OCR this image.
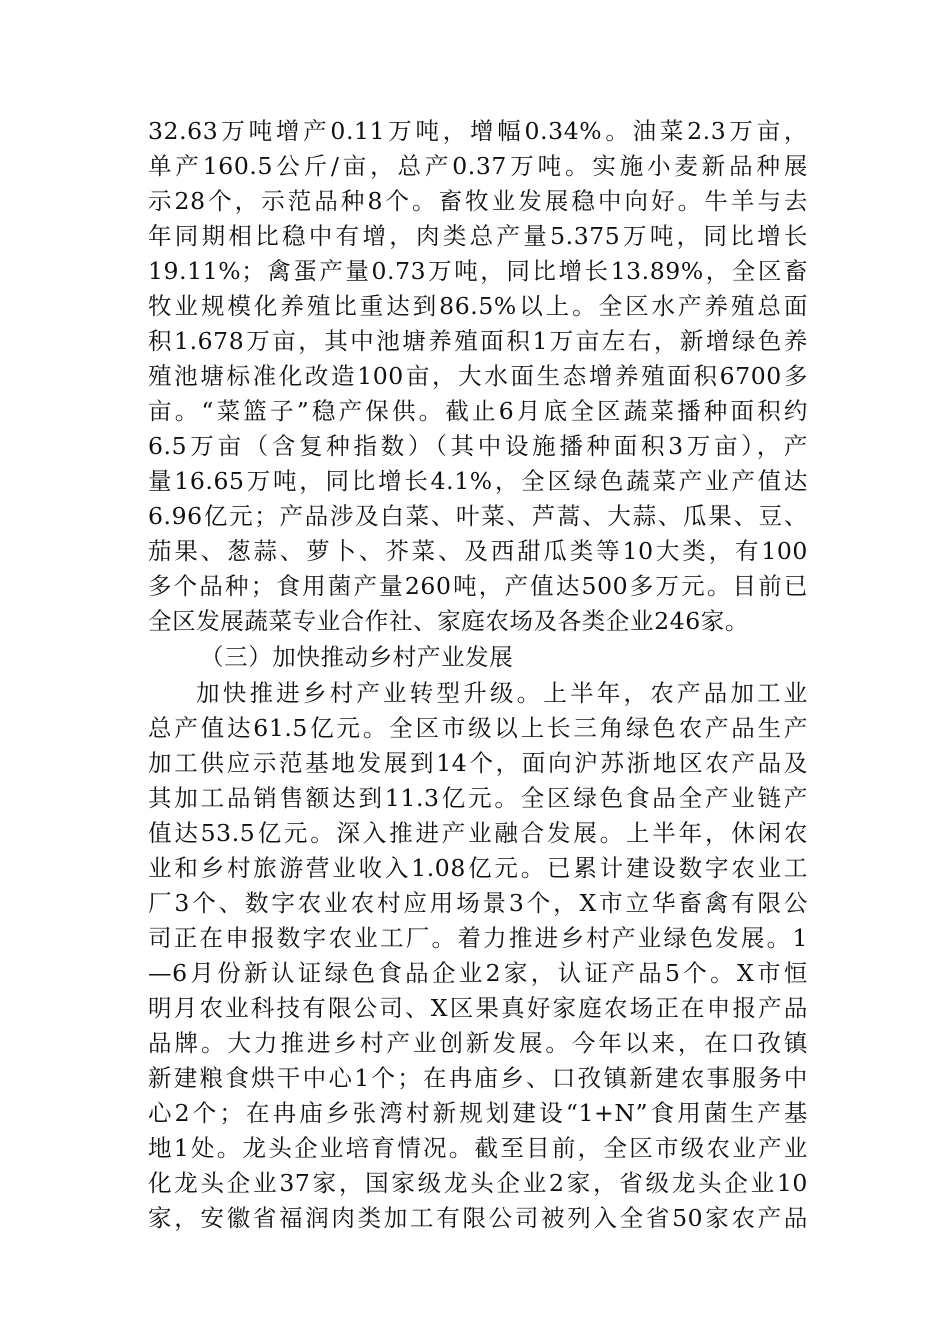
32.63万吨增产0.11万吨，增幅0.34%。油菜2.3万亩，
单产160.5公斤/亩，总产0.37万吨。实施小麦新品种展
示28个，示范品种8个。畜牧业发展稳中向好。牛羊与去
年同期相比稳中有增，肉类总产量5.375万吨，同比增长
19.11%；禽蛋产量0.73万吨，同比增长13.89%，全区畜
牧业规模化养殖比重达到86.5%以上。全区水产养殖总面
积1.678万亩，其中池塘养殖面积1万亩左右，新增绿色养
殖池塘标准化改造100亩，大水面生态增养殖面积6700多
亩。“菜篮子”稳产保供。截止6月底全区蔬菜播种面积约
6.5万亩（含复种指数）（其中设施播种面积3万亩），产
量16.65万吨，同比增长4.1%，全区绿色蔬菜产业产值达
6.96亿元；产品涉及白菜、叶菜、芦蒿、大蒜、瓜果、豆、
茄果、葱蒜、萝卜、芥菜、及西甜瓜类等10大类，有100
多个品种；食用菌产量260吨，产值达500多万元。目前已
全区发展蔬菜专业合作社、家庭农场及各类企业246家。
（三）加快推动乡村产业发展
加快推进乡村产业转型升级。上半年，农产品加工业
总产值达61.5亿元。全区市级以上长三角绿色农产品生产
加工供应示范基地发展到14个，面向沪苏浙地区农产品及
其加工品销售额达到11.3亿元。全区绿色食品全产业链产
值达53.5亿元。深入推进产业融合发展。上半年，休闲农
业和乡村旅游营业收入1.08亿元。已累计建设数字农业工
厂3个、数字农业农村应用场景3个，X市立华畜禽有限公
司正在申报数字农业工厂。着力推进乡村产业绿色发展。1
—6月份新认证绿色食品企业2家，认证产品5个。X市恒
明月农业科技有限公司、X区果真好家庭农场正在申报产品
品牌。大力推进乡村产业创新发展。今年以来，在口孜镇
新建粮食烘干中心1个；在冉庙乡、口孜镇新建农事服务中
心2个；在冉庙乡张湾村新规划建设“1+N”食用菌生产基
地1处。龙头企业培育情况。截至目前，全区市级农业产业
化龙头企业37家，国家级龙头企业2家，省级龙头企业10
家，安徽省福润肉类加工有限公司被列入全省50家农产品
